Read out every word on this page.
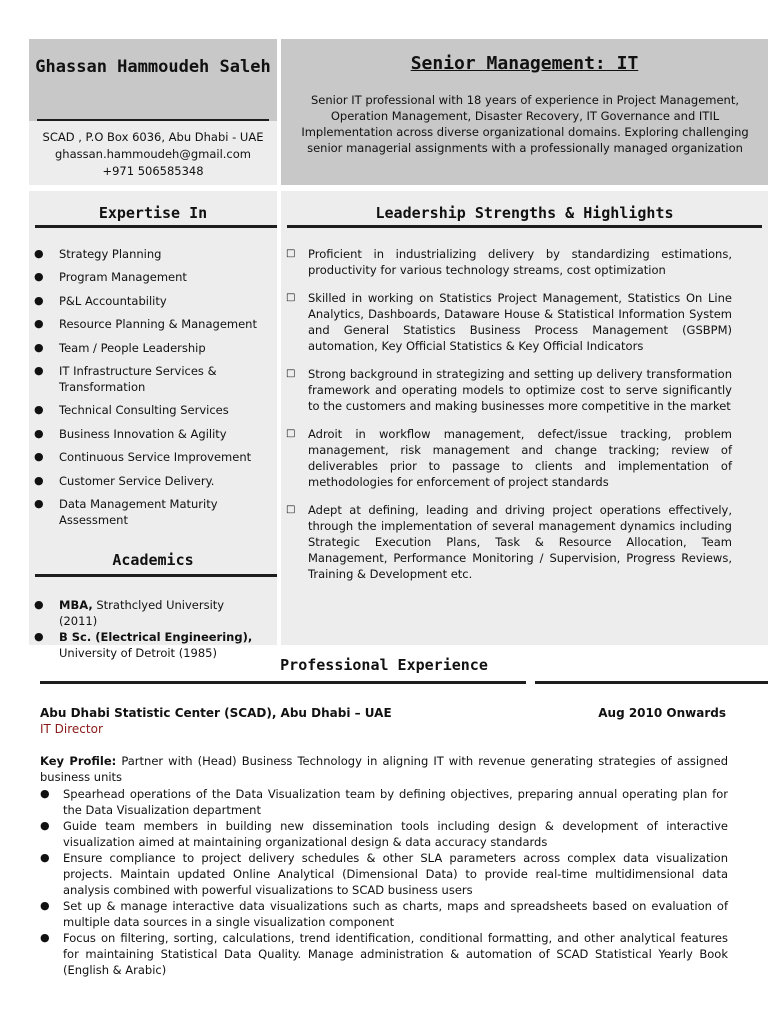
Ghassan Hammoudeh Saleh
SCAD , P.O Box 6036, Abu Dhabi - UAE
ghassan.hammoudeh@gmail.com
+971 506585348
Senior Management: IT

Senior IT professional with 18 years of experience in Project Management, Operation Management, Disaster Recovery, IT Governance and ITIL Implementation across diverse organizational domains. Exploring challenging senior managerial assignments with a professionally managed organization

Expertise In
● Strategy Planning
● Program Management
● P&L Accountability
● Resource Planning & Management
● Team / People Leadership
● IT Infrastructure Services & Transformation
● Technical Consulting Services
● Business Innovation & Agility
● Continuous Service Improvement
● Customer Service Delivery.
● Data Management Maturity Assessment
Academics
● MBA, Strathclyed University (2011)
● B Sc. (Electrical Engineering), University of Detroit (1985)
Leadership Strengths & Highlights
□ Proficient in industrializing delivery by standardizing estimations, productivity for various technology streams, cost optimization
□ Skilled in working on Statistics Project Management, Statistics On Line Analytics, Dashboards, Dataware House & Statistical Information System and General Statistics Business Process Management (GSBPM) automation, Key Official Statistics & Key Official Indicators
□ Strong background in strategizing and setting up delivery transformation framework and operating models to optimize cost to serve significantly to the customers and making businesses more competitive in the market
□ Adroit in workflow management, defect/issue tracking, problem management, risk management and change tracking; review of deliverables prior to passage to clients and implementation of methodologies for enforcement of project standards
□ Adept at defining, leading and driving project operations effectively, through the implementation of several management dynamics including Strategic Execution Plans, Task & Resource Allocation, Team Management, Performance Monitoring / Supervision, Progress Reviews, Training & Development etc.
Professional Experience
Abu Dhabi Statistic Center (SCAD), Abu Dhabi – UAE	Aug 2010 Onwards
IT Director

Key Profile: Partner with (Head) Business Technology in aligning IT with revenue generating strategies of assigned business units

● Spearhead operations of the Data Visualization team by defining objectives, preparing annual operating plan for the Data Visualization department
● Guide team members in building new dissemination tools including design & development of interactive visualization aimed at maintaining organizational design & data accuracy standards
● Ensure compliance to project delivery schedules & other SLA parameters across complex data visualization projects. Maintain updated Online Analytical (Dimensional Data) to provide real-time multidimensional data analysis combined with powerful visualizations to SCAD business users
● Set up & manage interactive data visualizations such as charts, maps and spreadsheets based on evaluation of multiple data sources in a single visualization component
● Focus on filtering, sorting, calculations, trend identification, conditional formatting, and other analytical features for maintaining Statistical Data Quality. Manage administration & automation of SCAD Statistical Yearly Book (English & Arabic)
